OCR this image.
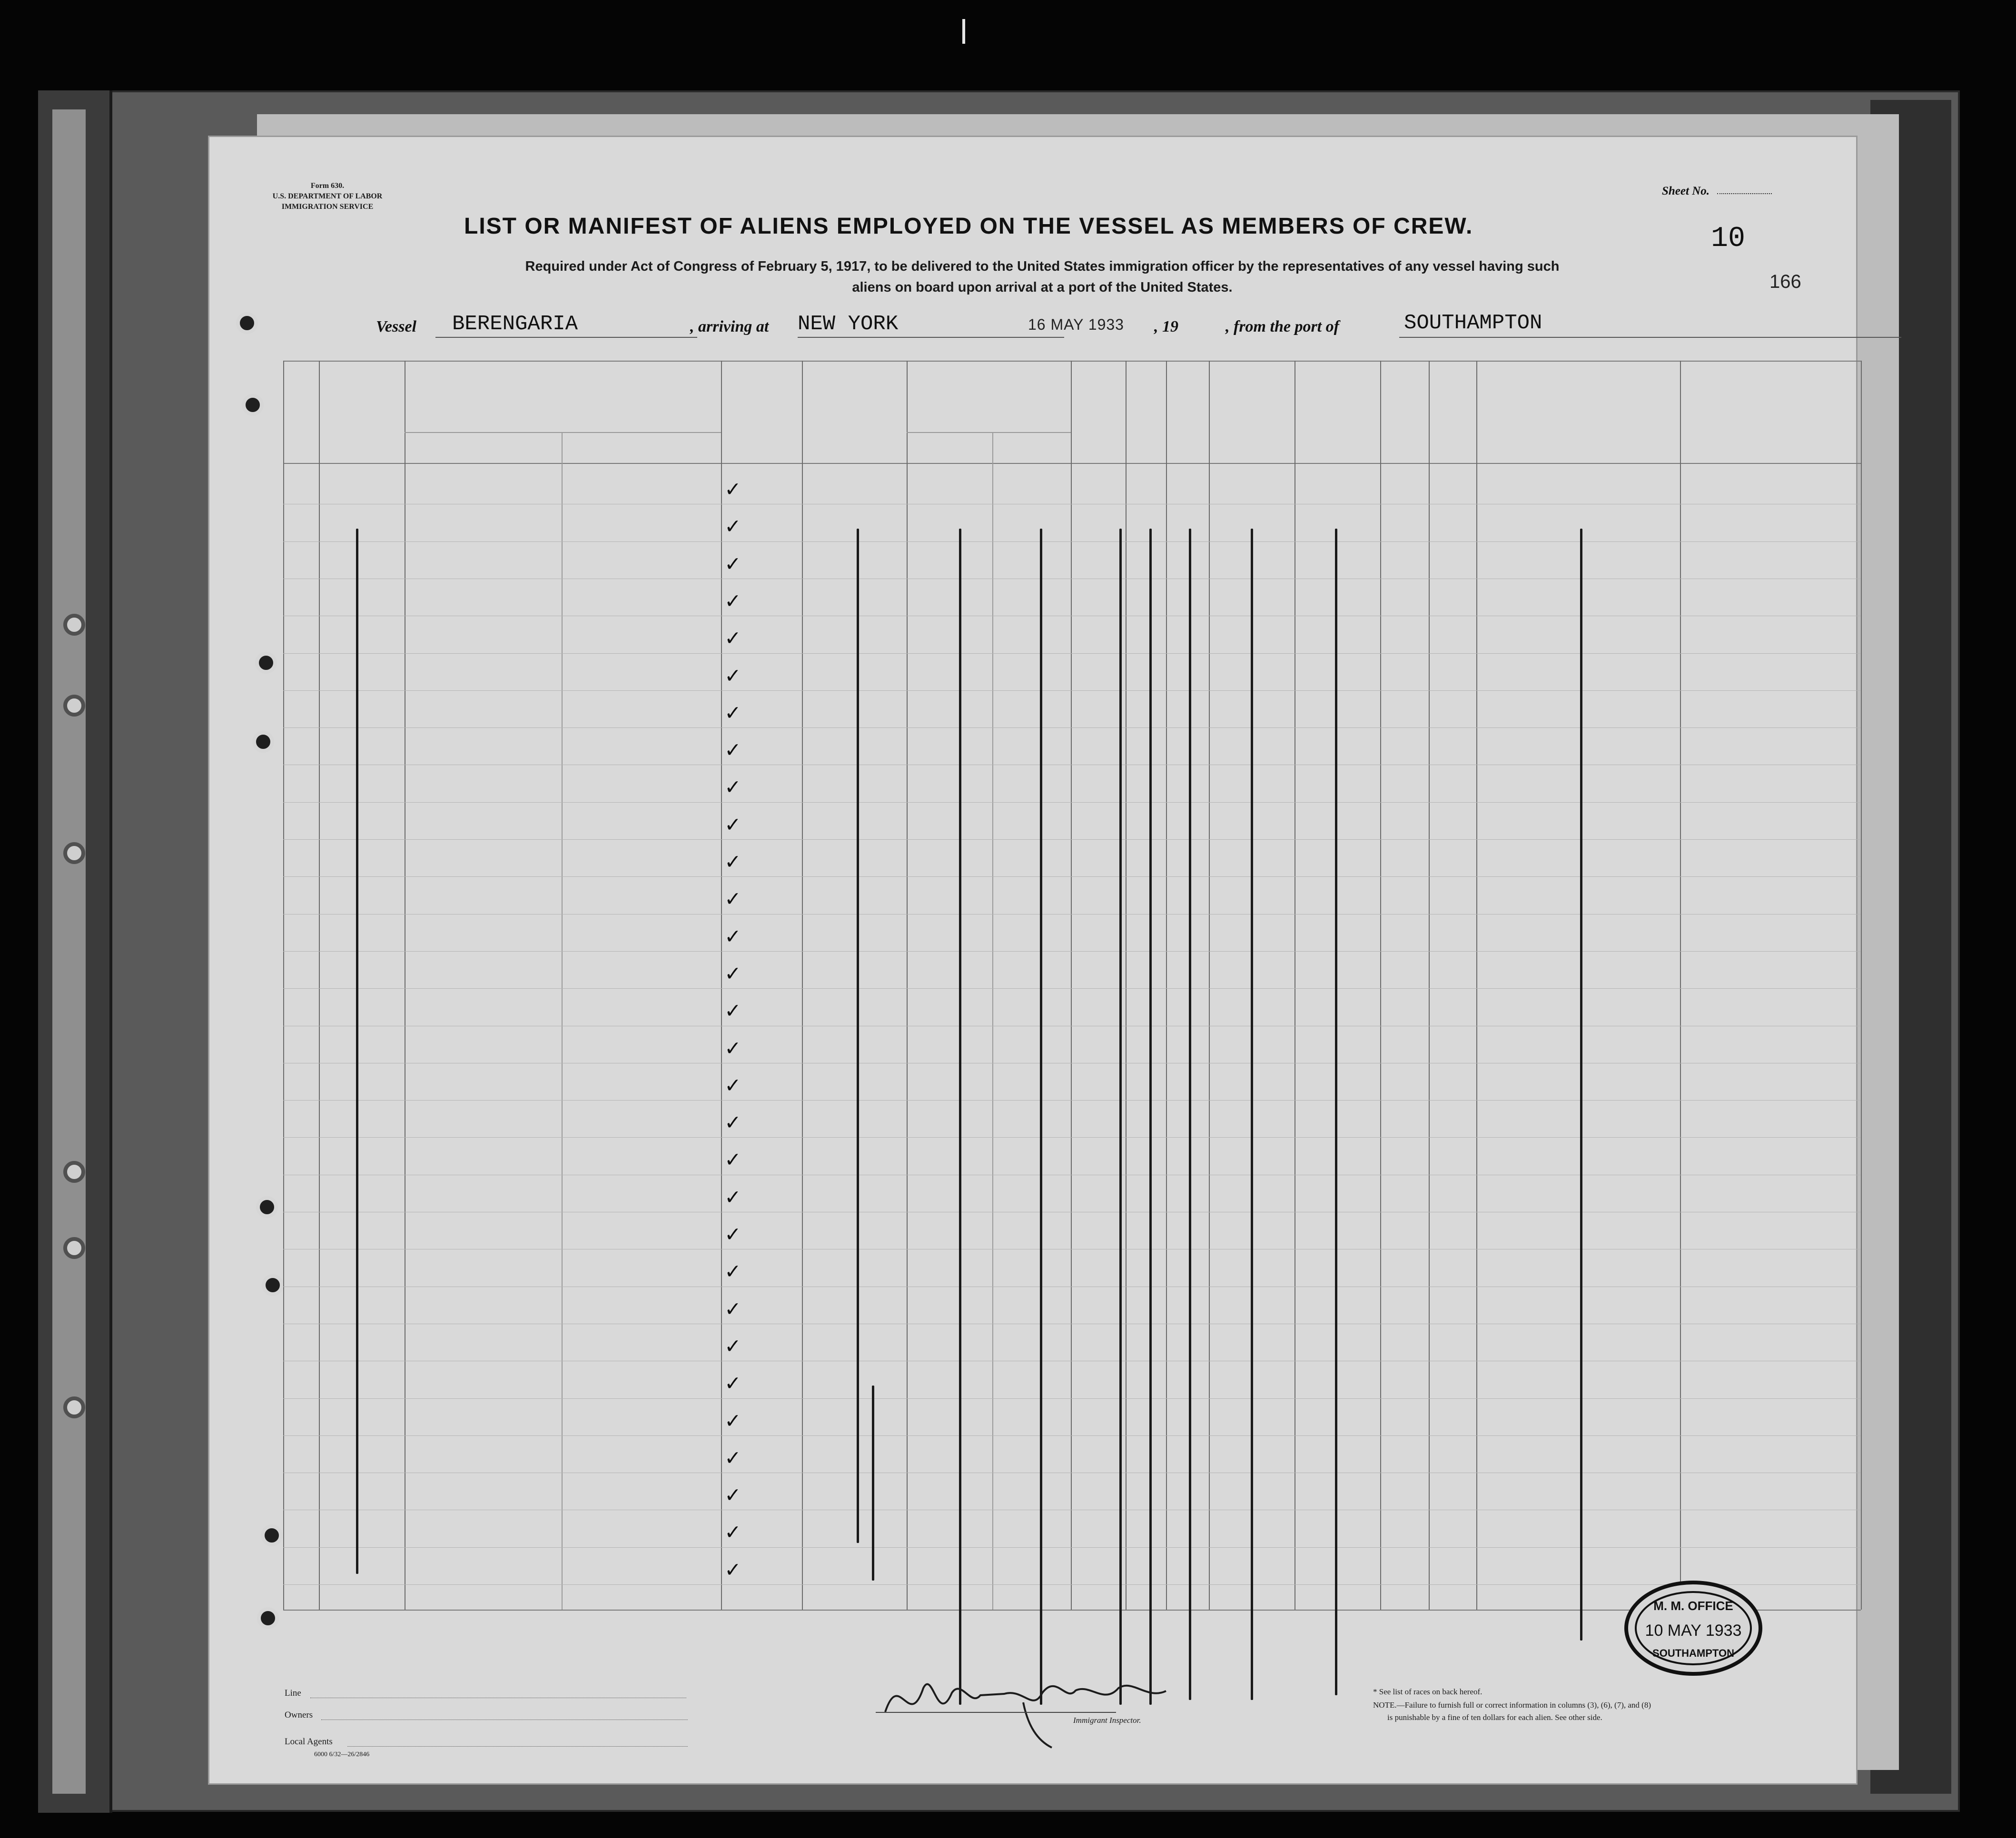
Form 630.
U.S. DEPARTMENT OF LABOR
IMMIGRATION SERVICE
Sheet No.
10
166
LIST OR MANIFEST OF ALIENS EMPLOYED ON THE VESSEL AS MEMBERS OF CREW.
Required under Act of Congress of February 5, 1917, to be delivered to the United States immigration officer by the representatives of any vessel having such
aliens on board upon arrival at a port of the United States.
Vessel BERENGARIA	, arriving at NEW YORK	16 MAY 1933 , 19	, from the port of	SOUTHAMPTON
✓
✓
✓
✓
✓
✓
✓
✓
✓
✓
✓
✓
✓
✓
✓
✓
✓
✓
✓
✓
✓
✓
✓
✓
✓
✓
✓
✓
✓
✓
Line
Owners
Local Agents
6000 6/32—26/2846
Immigrant Inspector.
* See list of races on back hereof.
NOTE.—Failure to furnish full or correct information in columns (3), (6), (7), and (8)
is punishable by a fine of ten dollars for each alien. See other side.
M. M. OFFICE
10 MAY 1933
SOUTHAMPTON
